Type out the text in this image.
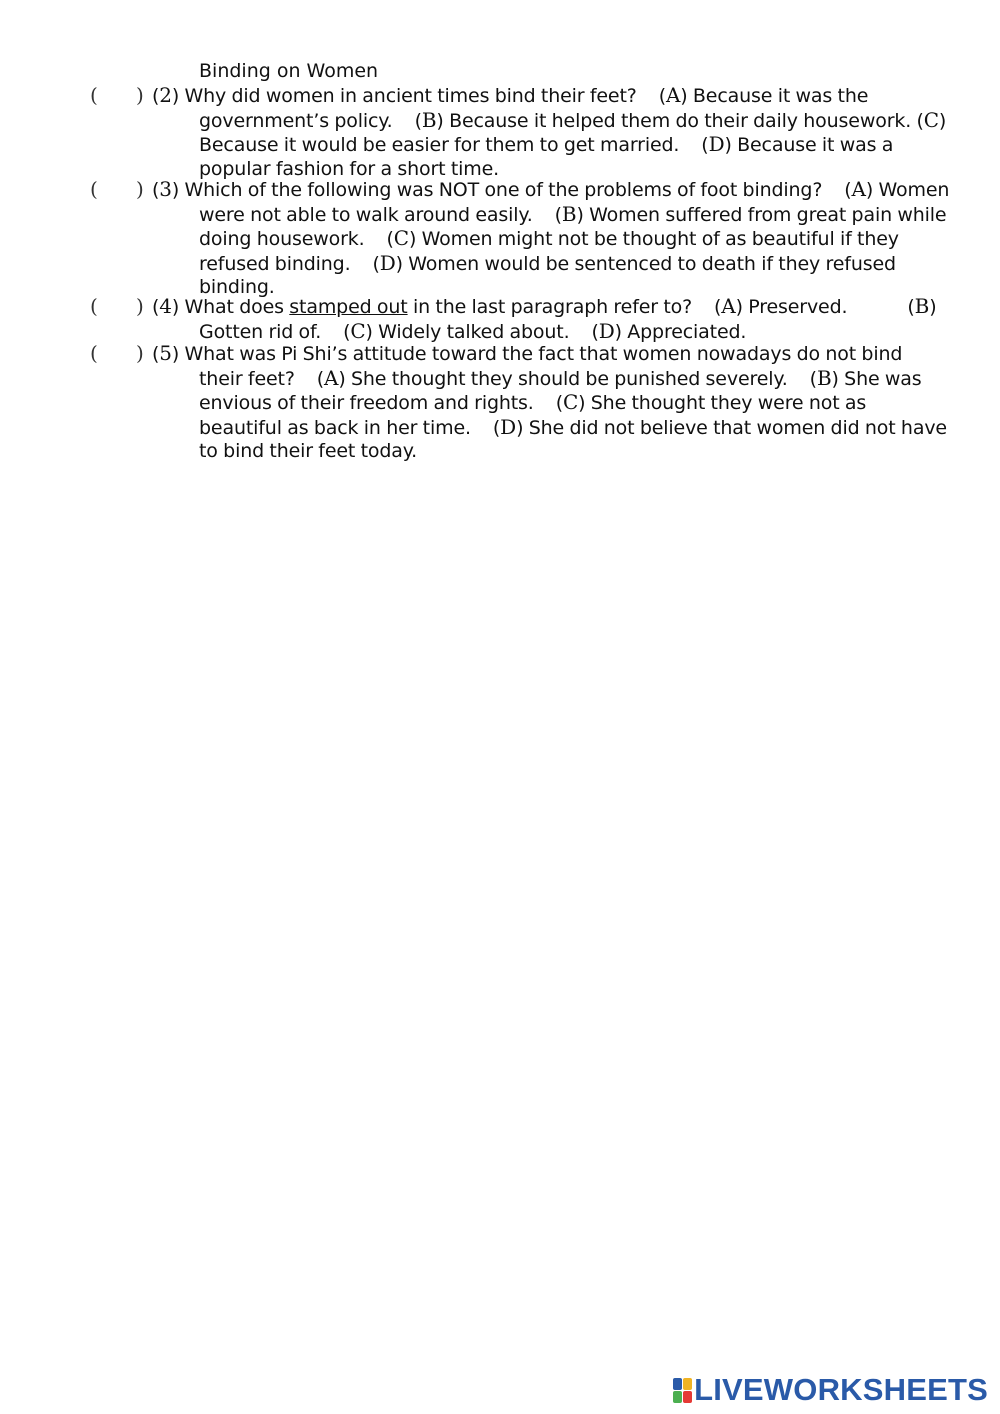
Binding on Women
(      ) (2) Why did women in ancient times bind their feet? (A) Because it was the government’s policy. (B) Because it helped them do their daily housework. (C) Because it would be easier for them to get married. (D) Because it was a popular fashion for a short time.
(      ) (3) Which of the following was NOT one of the problems of foot binding? (A) Women were not able to walk around easily. (B) Women suffered from great pain while doing housework. (C) Women might not be thought of as beautiful if they refused binding. (D) Women would be sentenced to death if they refused binding.
(      ) (4) What does stamped out in the last paragraph refer to? (A) Preserved.	(B) Gotten rid of. (C) Widely talked about. (D) Appreciated.
(      ) (5) What was Pi Shi’s attitude toward the fact that women nowadays do not bind their feet? (A) She thought they should be punished severely. (B) She was envious of their freedom and rights. (C) She thought they were not as beautiful as back in her time. (D) She did not believe that women did not have to bind their feet today.
LIVEWORKSHEETS
